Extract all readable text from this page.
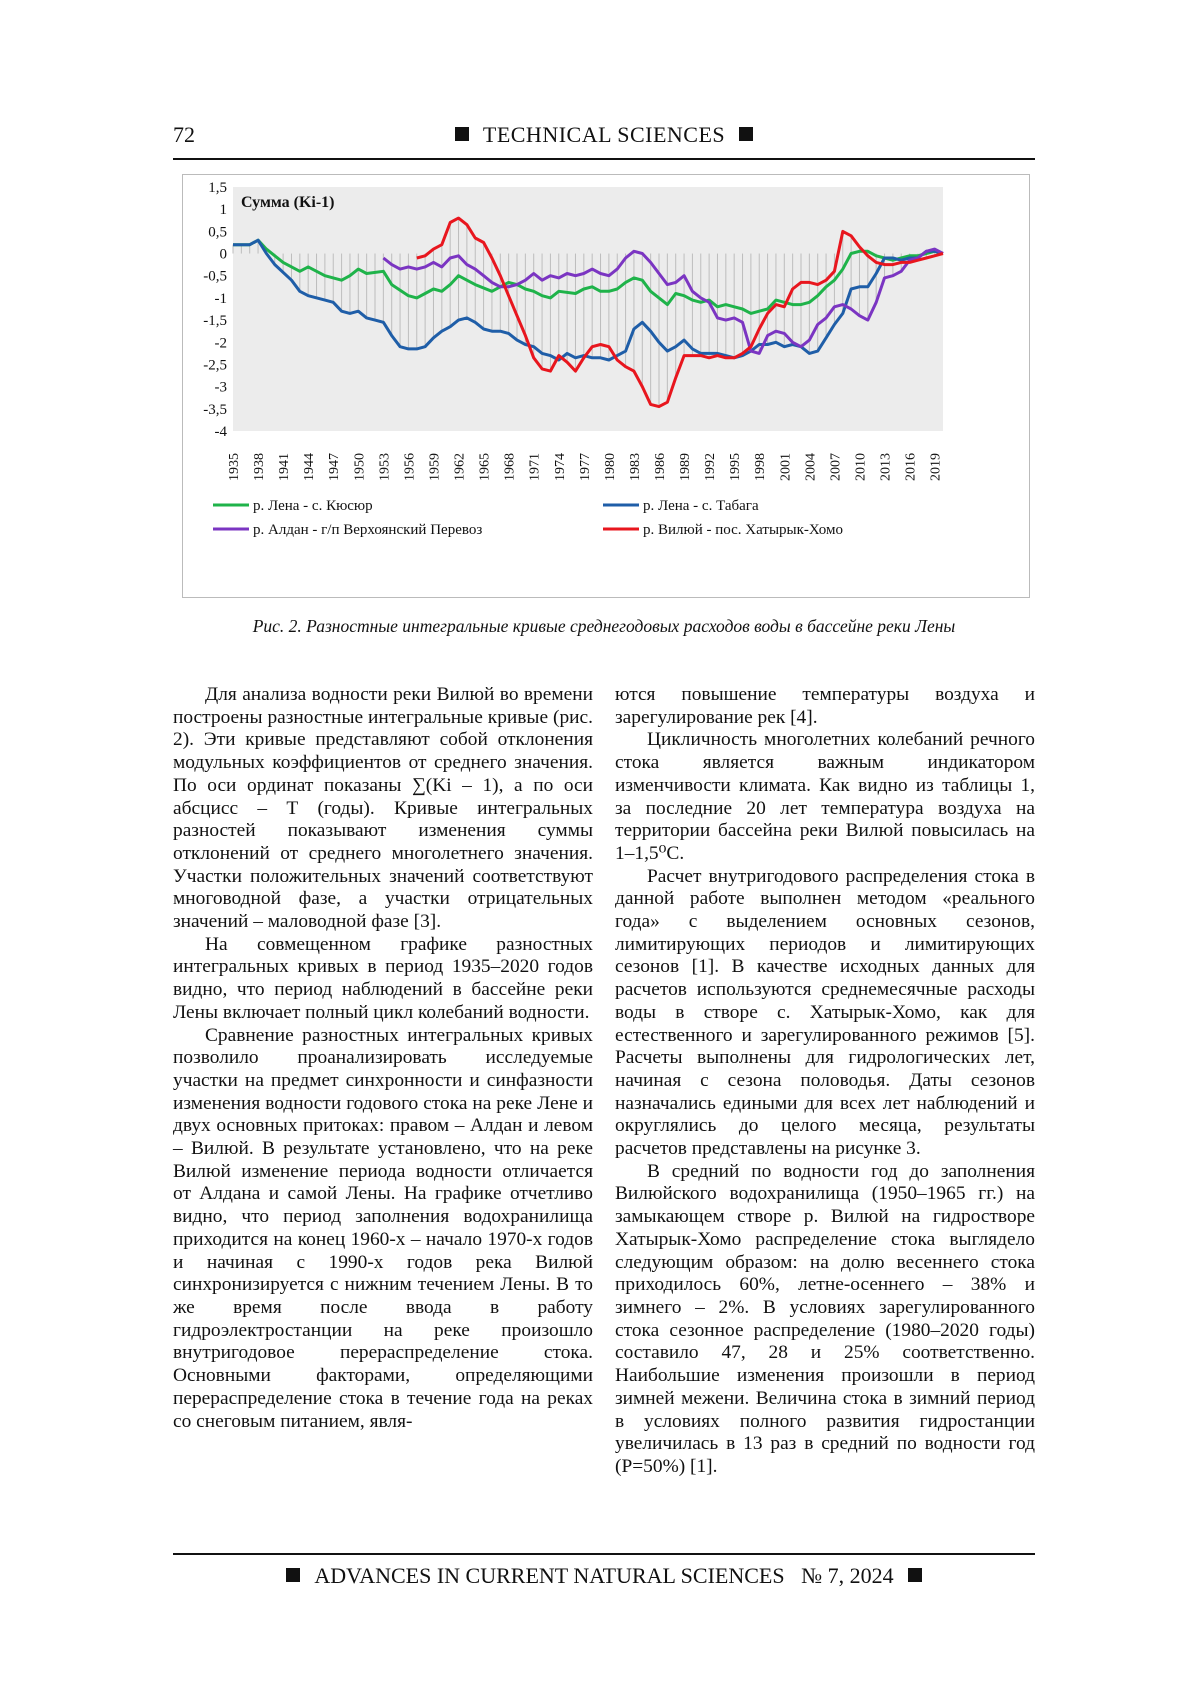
72	TECHNICAL SCIENCES
1,5
1
0,5
0
-0,5
-1
-1,5
-2
-2,5
-3
-3,5
-4
1935 1938 1941 1944 1947 1950 1953 1956 1959 1962 1965 1968 1971 1974 1977 1980 1983 1986 1989 1992 1995 1998 2001 2004 2007 2010 2013 2016 2019
Сумма (Ki-1)
р. Лена - с. Кюсюр	р. Лена - с. Табага
р. Алдан - г/п Верхоянский Перевоз	р. Вилюй - пос. Хатырык-Хомо
Рис. 2. Разностные интегральные кривые среднегодовых расходов воды в бассейне реки Лены

Для анализа водности реки Вилюй во времени построены разностные интегральные кривые (рис. 2). Эти кривые представляют собой отклонения модульных коэффициентов от среднего значения. По оси ординат показаны ∑(Ki – 1), а по оси абсцисс – Т (годы). Кривые интегральных разностей показывают изменения суммы отклонений от среднего многолетнего значения. Участки положительных значений соответствуют многоводной фазе, а участки отрицательных значений – маловодной фазе [3].

На совмещенном графике разностных интегральных кривых в период 1935–2020 годов видно, что период наблюдений в бассейне реки Лены включает полный цикл колебаний водности.

Сравнение разностных интегральных кривых позволило проанализировать исследуемые участки на предмет синхронности и синфазности изменения водности годового стока на реке Лене и двух основных притоках: правом – Алдан и левом – Вилюй. В результате установлено, что на реке Вилюй изменение периода водности отличается от Алдана и самой Лены. На графике отчетливо видно, что период заполнения водохранилища приходится на конец 1960-х – начало 1970-х годов и начиная с 1990-х годов река Вилюй синхронизируется с нижним течением Лены. В то же время после ввода в работу гидроэлектростанции на реке произошло внутригодовое перераспределение стока. Основными факторами, определяющими перераспределение стока в течение года на реках со снеговым питанием, явля-

ются повышение температуры воздуха и зарегулирование рек [4].

Цикличность многолетних колебаний речного стока является важным индикатором изменчивости климата. Как видно из таблицы 1, за последние 20 лет температура воздуха на территории бассейна реки Вилюй повысилась на 1–1,5⁰С.

Расчет внутригодового распределения стока в данной работе выполнен методом «реального года» с выделением основных сезонов, лимитирующих периодов и лимитирующих сезонов [1]. В качестве исходных данных для расчетов используются среднемесячные расходы воды в створе с. Хатырык-Хомо, как для естественного и зарегулированного режимов [5]. Расчеты выполнены для гидрологических лет, начиная с сезона половодья. Даты сезонов назначались едиными для всех лет наблюдений и округлялись до целого месяца, результаты расчетов представлены на рисунке 3.

В средний по водности год до заполнения Вилюйского водохранилища (1950–1965 гг.) на замыкающем створе р. Вилюй на гидростворе Хатырык-Хомо распределение стока выглядело следующим образом: на долю весеннего стока приходилось 60%, летне-осеннего – 38% и зимнего – 2%. В условиях зарегулированного стока сезонное распределение (1980–2020 годы) составило 47, 28 и 25% соответственно. Наибольшие изменения произошли в период зимней межени. Величина стока в зимний период в условиях полного развития гидростанции увеличилась в 13 раз в средний по водности год (P=50%) [1].

ADVANCES IN CURRENT NATURAL SCIENCES № 7, 2024
